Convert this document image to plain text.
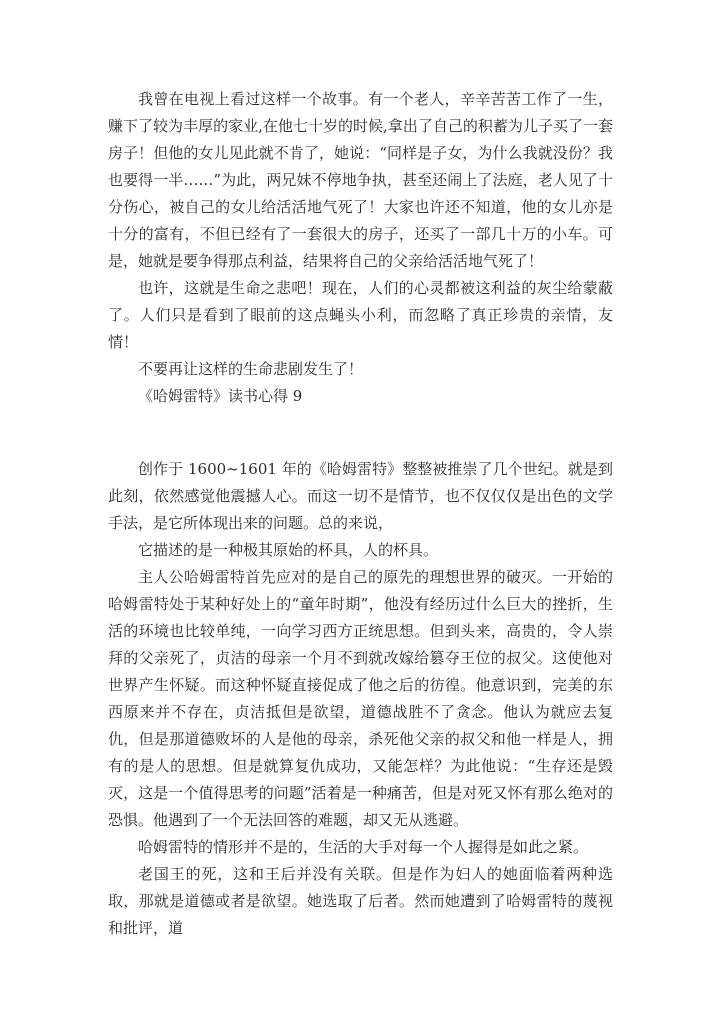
我曾在电视上看过这样一个故事。有一个老人，辛辛苦苦工作了一生，赚下了较为丰厚的家业,在他七十岁的时候,拿出了自己的积蓄为儿子买了一套房子！但他的女儿见此就不肯了，她说：“同样是子女，为什么我就没份？我也要得一半……”为此，两兄妹不停地争执，甚至还闹上了法庭，老人见了十分伤心，被自己的女儿给活活地气死了！大家也许还不知道，他的女儿亦是十分的富有，不但已经有了一套很大的房子，还买了一部几十万的小车。可是，她就是要争得那点利益，结果将自己的父亲给活活地气死了！

也许，这就是生命之悲吧！现在，人们的心灵都被这利益的灰尘给蒙蔽了。人们只是看到了眼前的这点蝇头小利，而忽略了真正珍贵的亲情，友情！

不要再让这样的生命悲剧发生了！

《哈姆雷特》读书心得 9

创作于 1600~1601 年的《哈姆雷特》整整被推崇了几个世纪。就是到此刻，依然感觉他震撼人心。而这一切不是情节，也不仅仅仅是出色的文学手法，是它所体现出来的问题。总的来说，

它描述的是一种极其原始的杯具，人的杯具。

主人公哈姆雷特首先应对的是自己的原先的理想世界的破灭。一开始的哈姆雷特处于某种好处上的“童年时期”，他没有经历过什么巨大的挫折，生活的环境也比较单纯，一向学习西方正统思想。但到头来，高贵的，令人崇拜的父亲死了，贞洁的母亲一个月不到就改嫁给篡夺王位的叔父。这使他对世界产生怀疑。而这种怀疑直接促成了他之后的彷徨。他意识到，完美的东西原来并不存在，贞洁抵但是欲望，道德战胜不了贪念。他认为就应去复仇，但是那道德败坏的人是他的母亲，杀死他父亲的叔父和他一样是人，拥有的是人的思想。但是就算复仇成功，又能怎样？为此他说：“生存还是毁灭，这是一个值得思考的问题”活着是一种痛苦，但是对死又怀有那么绝对的恐惧。他遇到了一个无法回答的难题，却又无从逃避。

哈姆雷特的情形并不是的，生活的大手对每一个人握得是如此之紧。

老国王的死，这和王后并没有关联。但是作为妇人的她面临着两种选取，那就是道德或者是欲望。她选取了后者。然而她遭到了哈姆雷特的蔑视和批评，道
